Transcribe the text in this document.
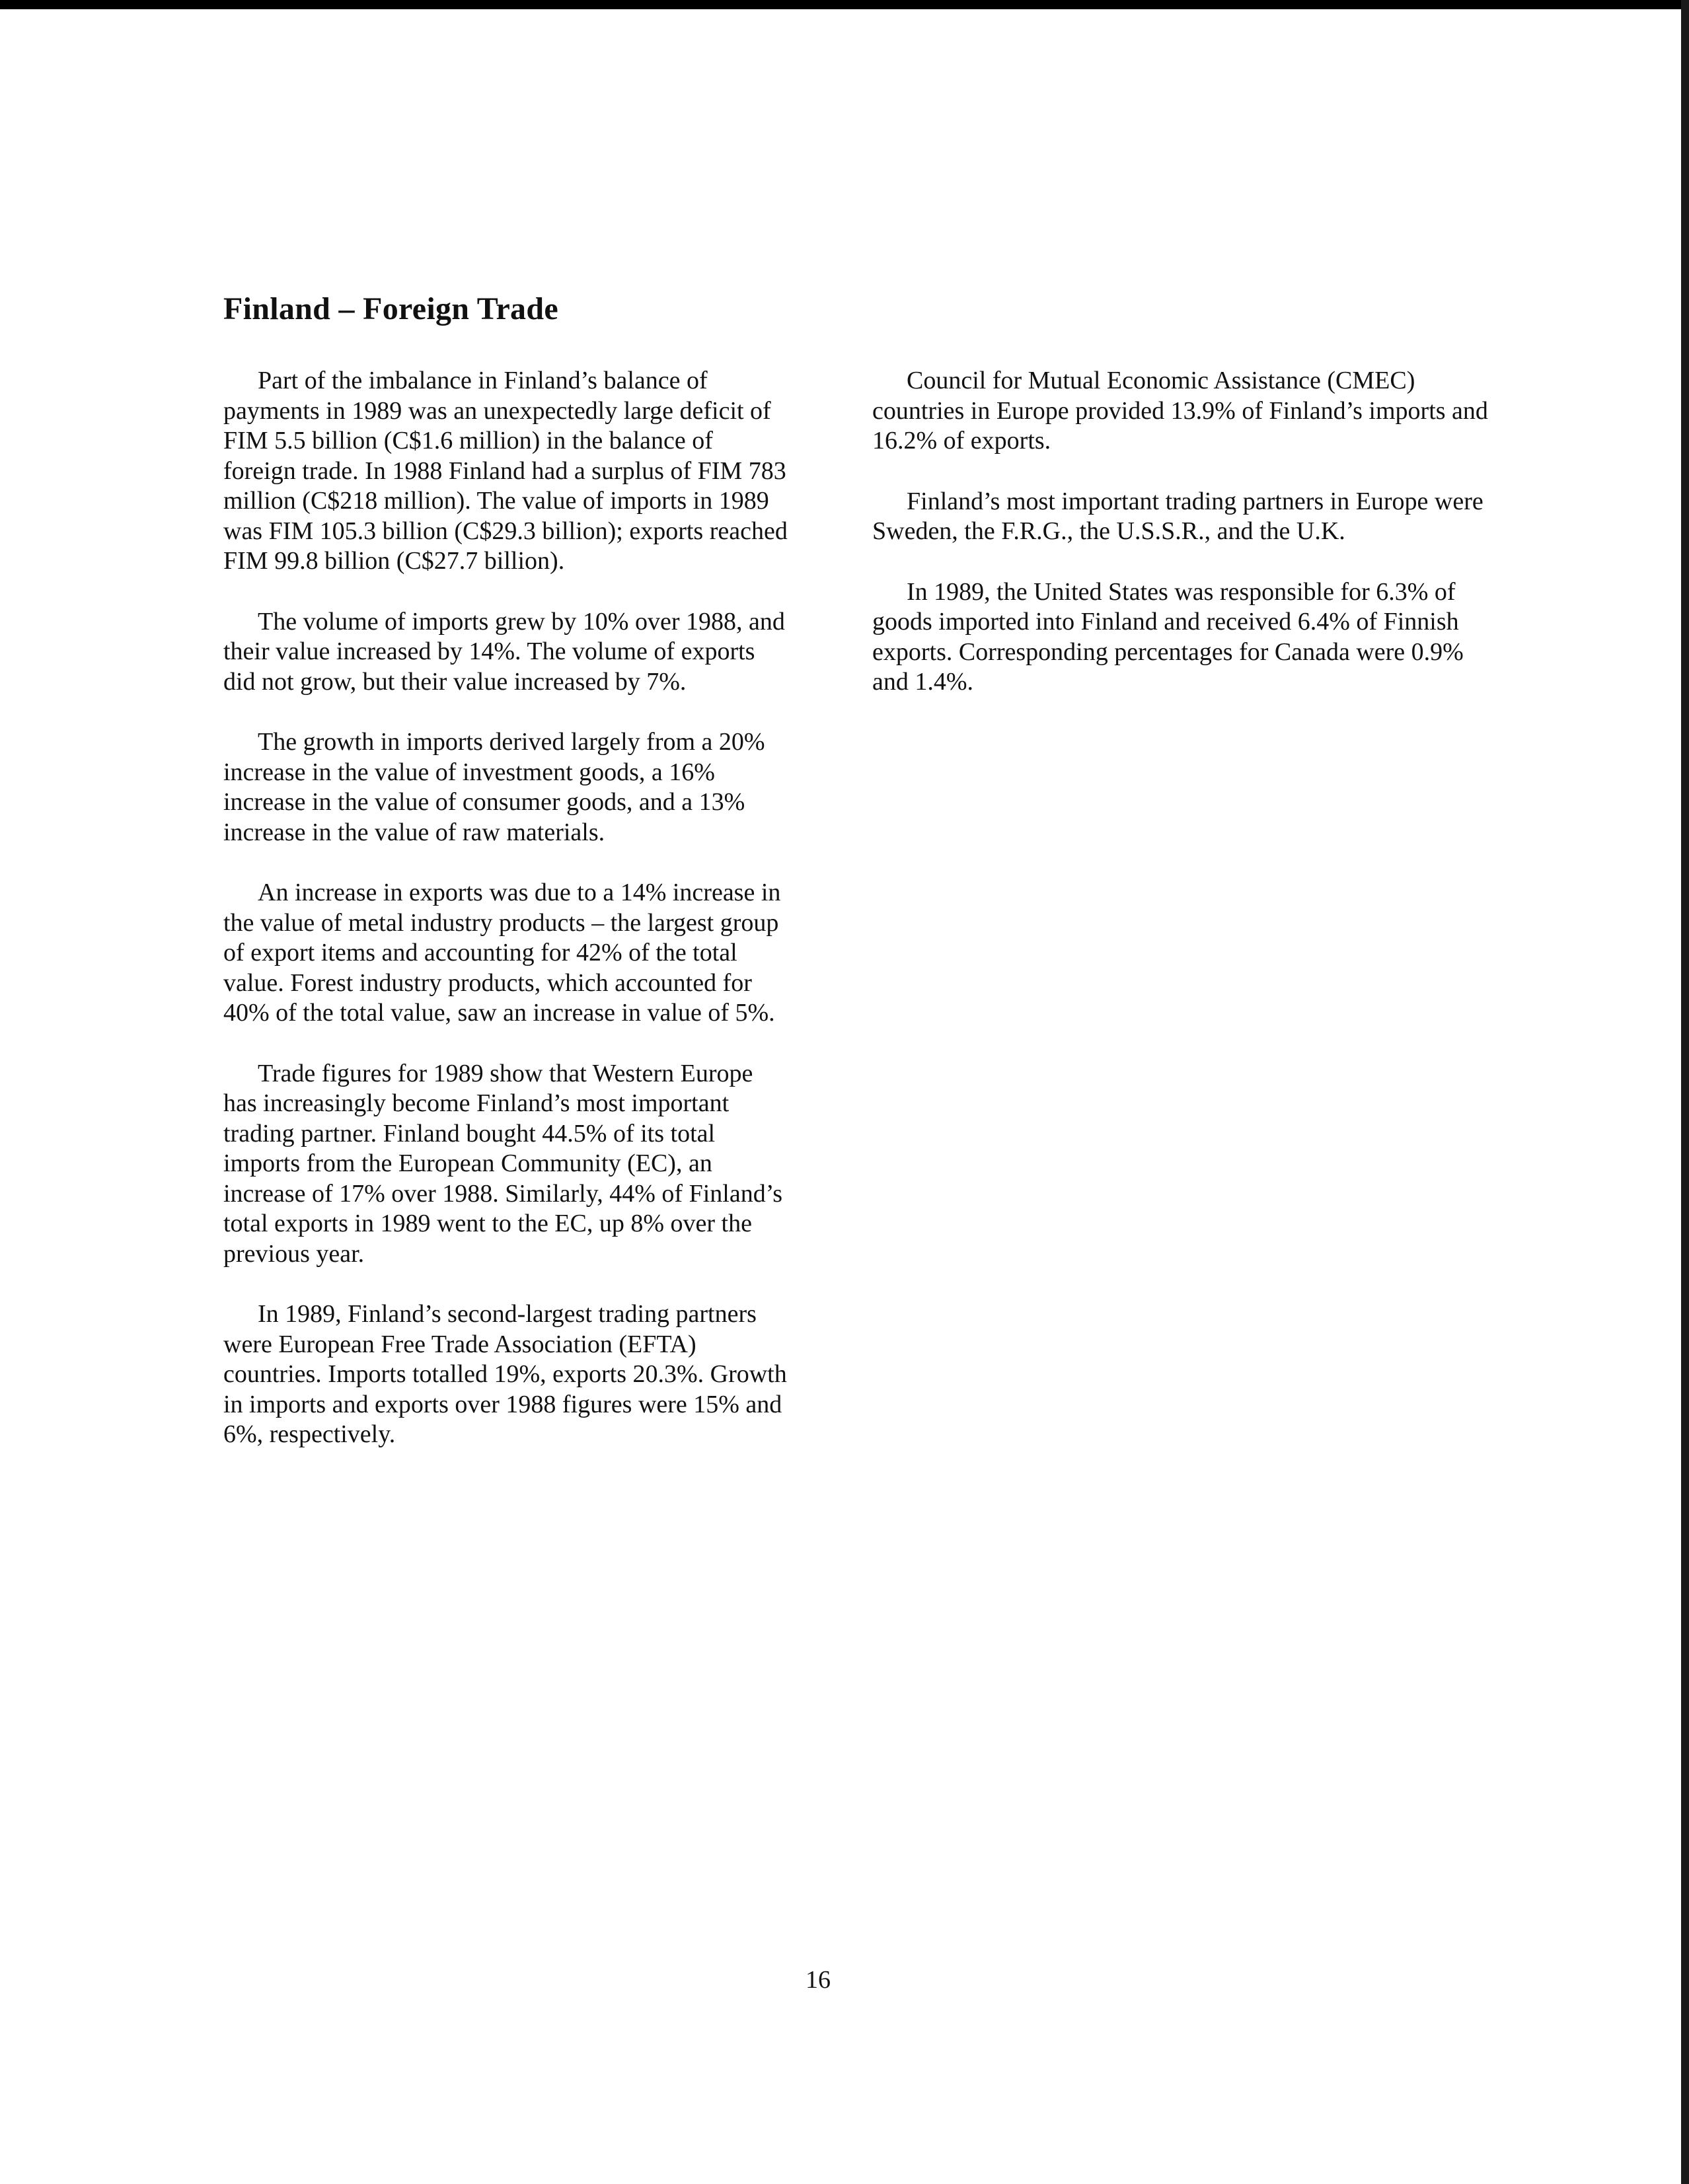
Finland – Foreign Trade

Part of the imbalance in Finland’s balance of payments in 1989 was an unexpectedly large deficit of FIM 5.5 billion (C$1.6 million) in the balance of foreign trade. In 1988 Finland had a surplus of FIM 783 million (C$218 million). The value of imports in 1989 was FIM 105.3 billion (C$29.3 billion); exports reached FIM 99.8 billion (C$27.7 billion).

The volume of imports grew by 10% over 1988, and their value increased by 14%. The volume of exports did not grow, but their value increased by 7%.

The growth in imports derived largely from a 20% increase in the value of investment goods, a 16% increase in the value of consumer goods, and a 13% increase in the value of raw materials.

An increase in exports was due to a 14% increase in the value of metal industry products – the largest group of export items and accounting for 42% of the total value. Forest industry products, which accounted for 40% of the total value, saw an increase in value of 5%.

Trade figures for 1989 show that Western Europe has increasingly become Finland’s most important trading partner. Finland bought 44.5% of its total imports from the European Community (EC), an increase of 17% over 1988. Similarly, 44% of Finland’s total exports in 1989 went to the EC, up 8% over the previous year.

In 1989, Finland’s second-largest trading partners were European Free Trade Association (EFTA) countries. Imports totalled 19%, exports 20.3%. Growth in imports and exports over 1988 figures were 15% and 6%, respectively.

Council for Mutual Economic Assistance (CMEC) countries in Europe provided 13.9% of Finland’s imports and 16.2% of exports.

Finland’s most important trading partners in Europe were Sweden, the F.R.G., the U.S.S.R., and the U.K.

In 1989, the United States was responsible for 6.3% of goods imported into Finland and received 6.4% of Finnish exports. Corresponding percentages for Canada were 0.9% and 1.4%.

16
